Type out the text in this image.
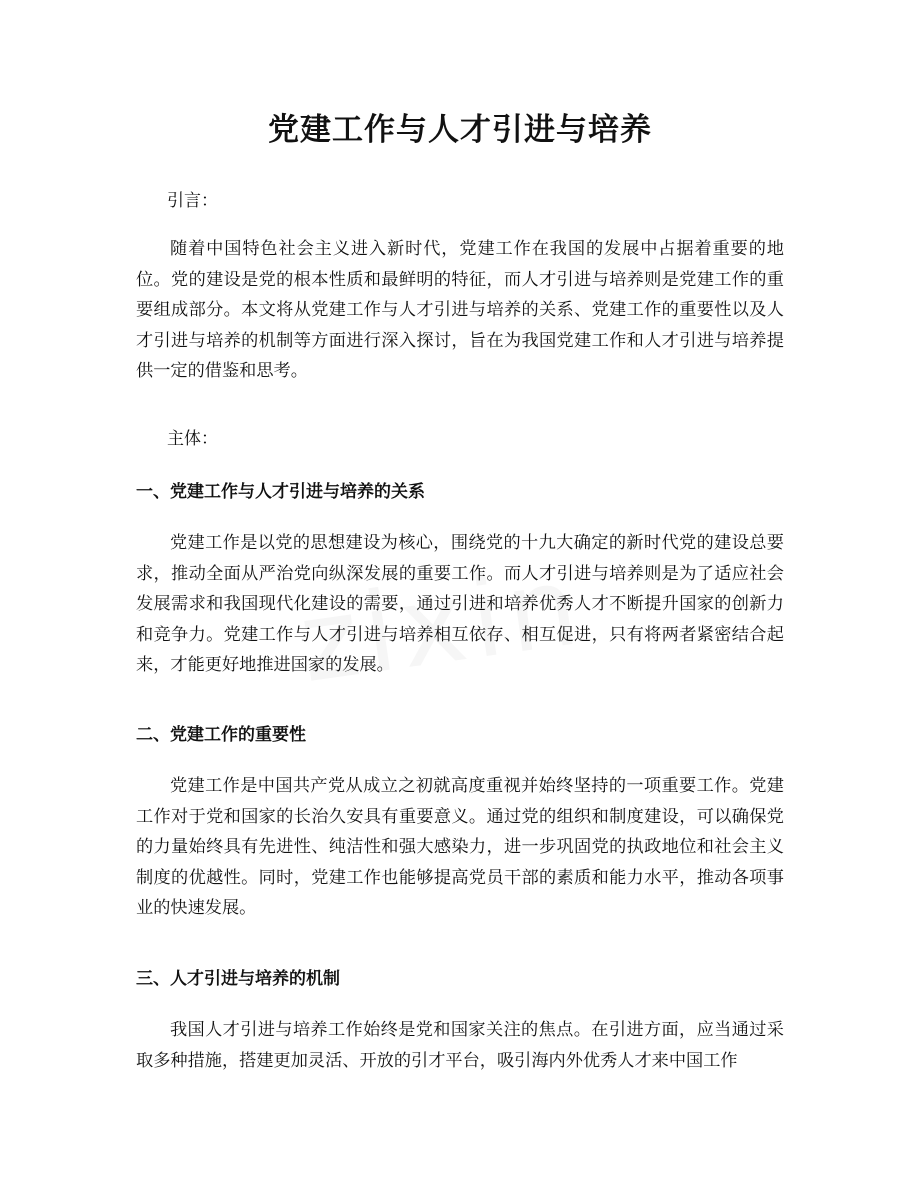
党建工作与人才引进与培养
引言：
随着中国特色社会主义进入新时代，党建工作在我国的发展中占据着重要的地位。党的建设是党的根本性质和最鲜明的特征，而人才引进与培养则是党建工作的重要组成部分。本文将从党建工作与人才引进与培养的关系、党建工作的重要性以及人才引进与培养的机制等方面进行深入探讨，旨在为我国党建工作和人才引进与培养提供一定的借鉴和思考。
主体：
一、党建工作与人才引进与培养的关系
党建工作是以党的思想建设为核心，围绕党的十九大确定的新时代党的建设总要求，推动全面从严治党向纵深发展的重要工作。而人才引进与培养则是为了适应社会发展需求和我国现代化建设的需要，通过引进和培养优秀人才不断提升国家的创新力和竞争力。党建工作与人才引进与培养相互依存、相互促进，只有将两者紧密结合起来，才能更好地推进国家的发展。
二、党建工作的重要性
党建工作是中国共产党从成立之初就高度重视并始终坚持的一项重要工作。党建工作对于党和国家的长治久安具有重要意义。通过党的组织和制度建设，可以确保党的力量始终具有先进性、纯洁性和强大感染力，进一步巩固党的执政地位和社会主义制度的优越性。同时，党建工作也能够提高党员干部的素质和能力水平，推动各项事业的快速发展。
三、人才引进与培养的机制
我国人才引进与培养工作始终是党和国家关注的焦点。在引进方面，应当通过采取多种措施，搭建更加灵活、开放的引才平台，吸引海内外优秀人才来中国工作
